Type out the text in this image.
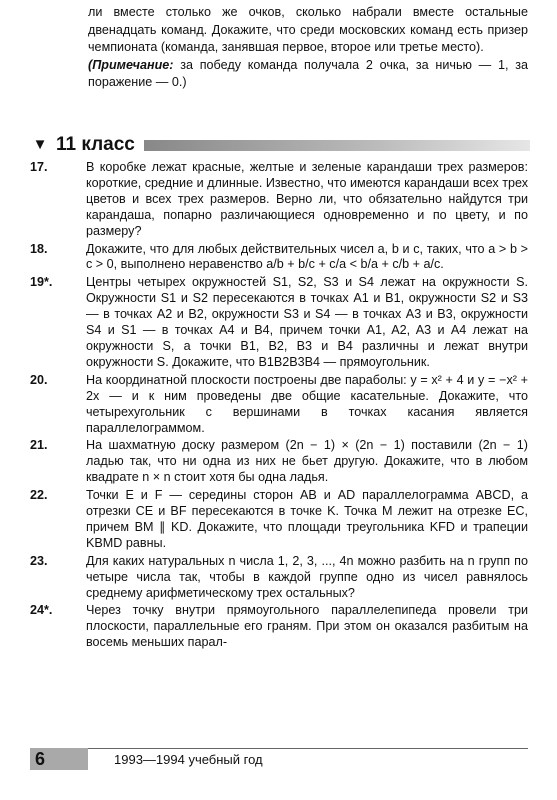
ли вместе столько же очков, сколько набрали вместе остальные двенадцать команд. Докажите, что среди московских команд есть призер чемпионата (команда, занявшая первое, второе или третье место).

(Примечание: за победу команда получала 2 очка, за ничью — 1, за поражение — 0.)

▼ 11 класс
17.	В коробке лежат красные, желтые и зеленые карандаши трех размеров: короткие, средние и длинные. Известно, что имеются карандаши всех трех цветов и всех трех размеров. Верно ли, что обязательно найдутся три карандаша, попарно различающиеся одновременно и по цвету, и по размеру?
18.	Докажите, что для любых действительных чисел a, b и c, таких, что a > b > c > 0, выполнено неравенство a/b + b/c + c/a < b/a + c/b + a/c.
19*.	Центры четырех окружностей S1, S2, S3 и S4 лежат на окружности S. Окружности S1 и S2 пересекаются в точках A1 и B1, окружности S2 и S3 — в точках A2 и B2, окружности S3 и S4 — в точках A3 и B3, окружности S4 и S1 — в точках A4 и B4, причем точки A1, A2, A3 и A4 лежат на окружности S, а точки B1, B2, B3 и B4 различны и лежат внутри окружности S. Докажите, что B1B2B3B4 — прямоугольник.
20.	На координатной плоскости построены две параболы: y = x² + 4 и y = −x² + 2x — и к ним проведены две общие касательные. Докажите, что четырехугольник с вершинами в точках касания является параллелограммом.
21.	На шахматную доску размером (2n − 1) × (2n − 1) поставили (2n − 1) ладью так, что ни одна из них не бьет другую. Докажите, что в любом квадрате n × n стоит хотя бы одна ладья.
22.	Точки E и F — середины сторон AB и AD параллелограмма ABCD, а отрезки CE и BF пересекаются в точке K. Точка M лежит на отрезке EC, причем BM ∥ KD. Докажите, что площади треугольника KFD и трапеции KBMD равны.
23.	Для каких натуральных n числа 1, 2, 3, ..., 4n можно разбить на n групп по четыре числа так, чтобы в каждой группе одно из чисел равнялось среднему арифметическому трех остальных?
24*.	Через точку внутри прямоугольного параллелепипеда провели три плоскости, параллельные его граням. При этом он оказался разбитым на восемь меньших парал-
6	1993—1994 учебный год
